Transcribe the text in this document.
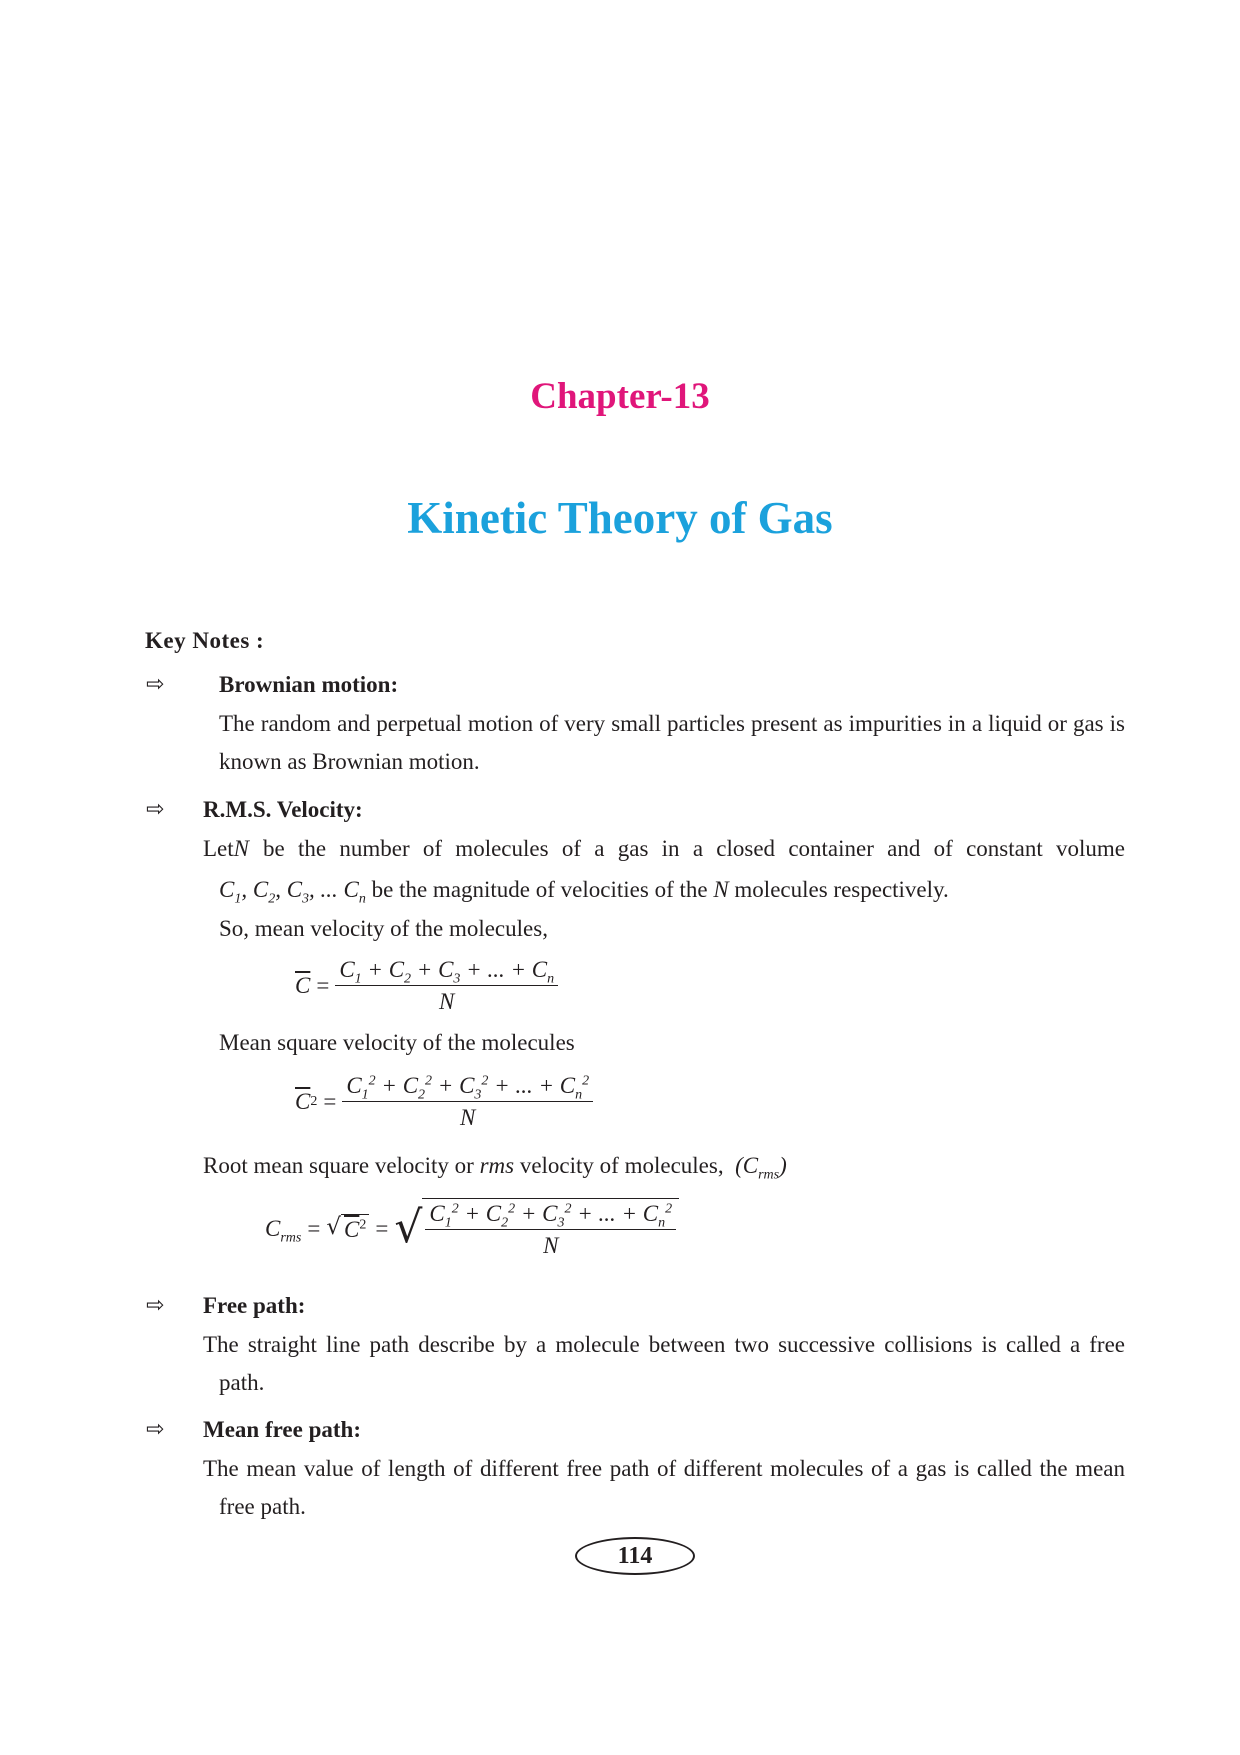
Chapter-13
Kinetic Theory of Gas
Key Notes :
⇨ Brownian motion:
The random and perpetual motion of very small particles present as impurities in a liquid or gas is
known as Brownian motion.
⇨ R.M.S. Velocity:
Let N be the number of molecules of a gas in a closed container and of constant volume
$C_1$, $C_2$, $C_3$, ... $C_n$ be the magnitude of velocities of the N molecules respectively.
So, mean velocity of the molecules,
$\overline{C} = \frac{C_1 + C_2 + C_3 + ... + C_n}{N}$
Mean square velocity of the molecules
$\overline{C}$ $2 = \frac{C_1^2 + C_2^2 + C_3^2 + ... + C_n^2}{N}$
Root mean square velocity or rms velocity of molecules,  $(C_{rms})$
$C_{rms}$ = √ $C^2$ = √ $\frac{C_1^2 + C_2^2 + C_3^2 + ... + C_n^2}{N}$
⇨ Free path:
The straight line path describe by a molecule between two successive collisions is called a free
path.
⇨ Mean free path:
The mean value of length of different free path of different molecules of a gas is called the mean
free path.
114
